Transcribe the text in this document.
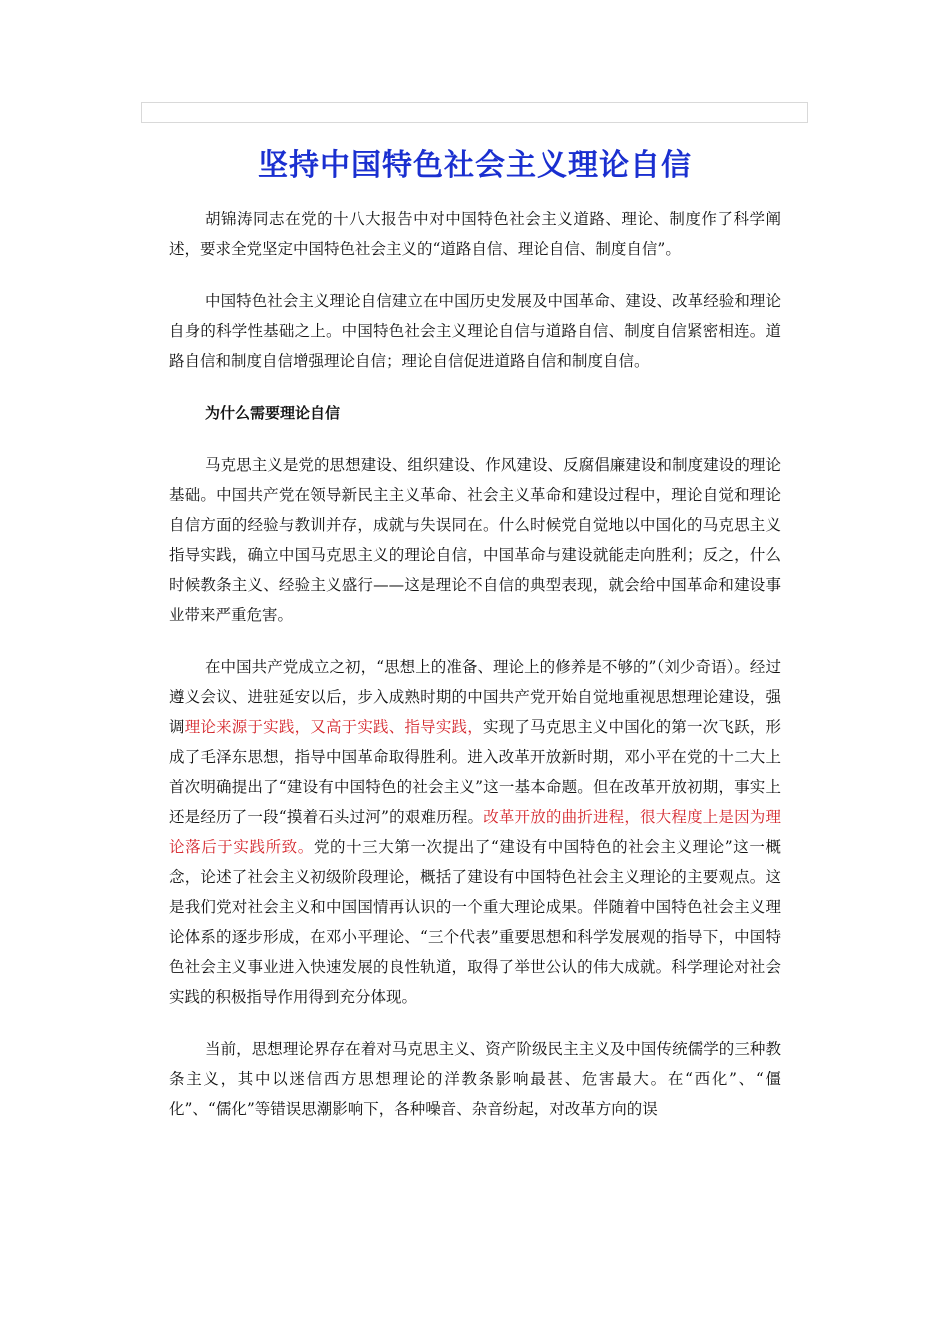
坚持中国特色社会主义理论自信

胡锦涛同志在党的十八大报告中对中国特色社会主义道路、理论、制度作了科学阐述，要求全党坚定中国特色社会主义的“道路自信、理论自信、制度自信”。

中国特色社会主义理论自信建立在中国历史发展及中国革命、建设、改革经验和理论自身的科学性基础之上。中国特色社会主义理论自信与道路自信、制度自信紧密相连。道路自信和制度自信增强理论自信；理论自信促进道路自信和制度自信。

为什么需要理论自信

马克思主义是党的思想建设、组织建设、作风建设、反腐倡廉建设和制度建设的理论基础。中国共产党在领导新民主主义革命、社会主义革命和建设过程中，理论自觉和理论自信方面的经验与教训并存，成就与失误同在。什么时候党自觉地以中国化的马克思主义指导实践，确立中国马克思主义的理论自信，中国革命与建设就能走向胜利；反之，什么时候教条主义、经验主义盛行——这是理论不自信的典型表现，就会给中国革命和建设事业带来严重危害。

在中国共产党成立之初，“思想上的准备、理论上的修养是不够的”（刘少奇语）。经过遵义会议、进驻延安以后，步入成熟时期的中国共产党开始自觉地重视思想理论建设，强调理论来源于实践，又高于实践、指导实践，实现了马克思主义中国化的第一次飞跃，形成了毛泽东思想，指导中国革命取得胜利。进入改革开放新时期，邓小平在党的十二大上首次明确提出了“建设有中国特色的社会主义”这一基本命题。但在改革开放初期，事实上还是经历了一段“摸着石头过河”的艰难历程。改革开放的曲折进程，很大程度上是因为理论落后于实践所致。党的十三大第一次提出了“建设有中国特色的社会主义理论”这一概念，论述了社会主义初级阶段理论，概括了建设有中国特色社会主义理论的主要观点。这是我们党对社会主义和中国国情再认识的一个重大理论成果。伴随着中国特色社会主义理论体系的逐步形成，在邓小平理论、“三个代表”重要思想和科学发展观的指导下，中国特色社会主义事业进入快速发展的良性轨道，取得了举世公认的伟大成就。科学理论对社会实践的积极指导作用得到充分体现。

当前，思想理论界存在着对马克思主义、资产阶级民主主义及中国传统儒学的三种教条主义，其中以迷信西方思想理论的洋教条影响最甚、危害最大。在“西化”、“僵化”、“儒化”等错误思潮影响下，各种噪音、杂音纷起，对改革方向的误
